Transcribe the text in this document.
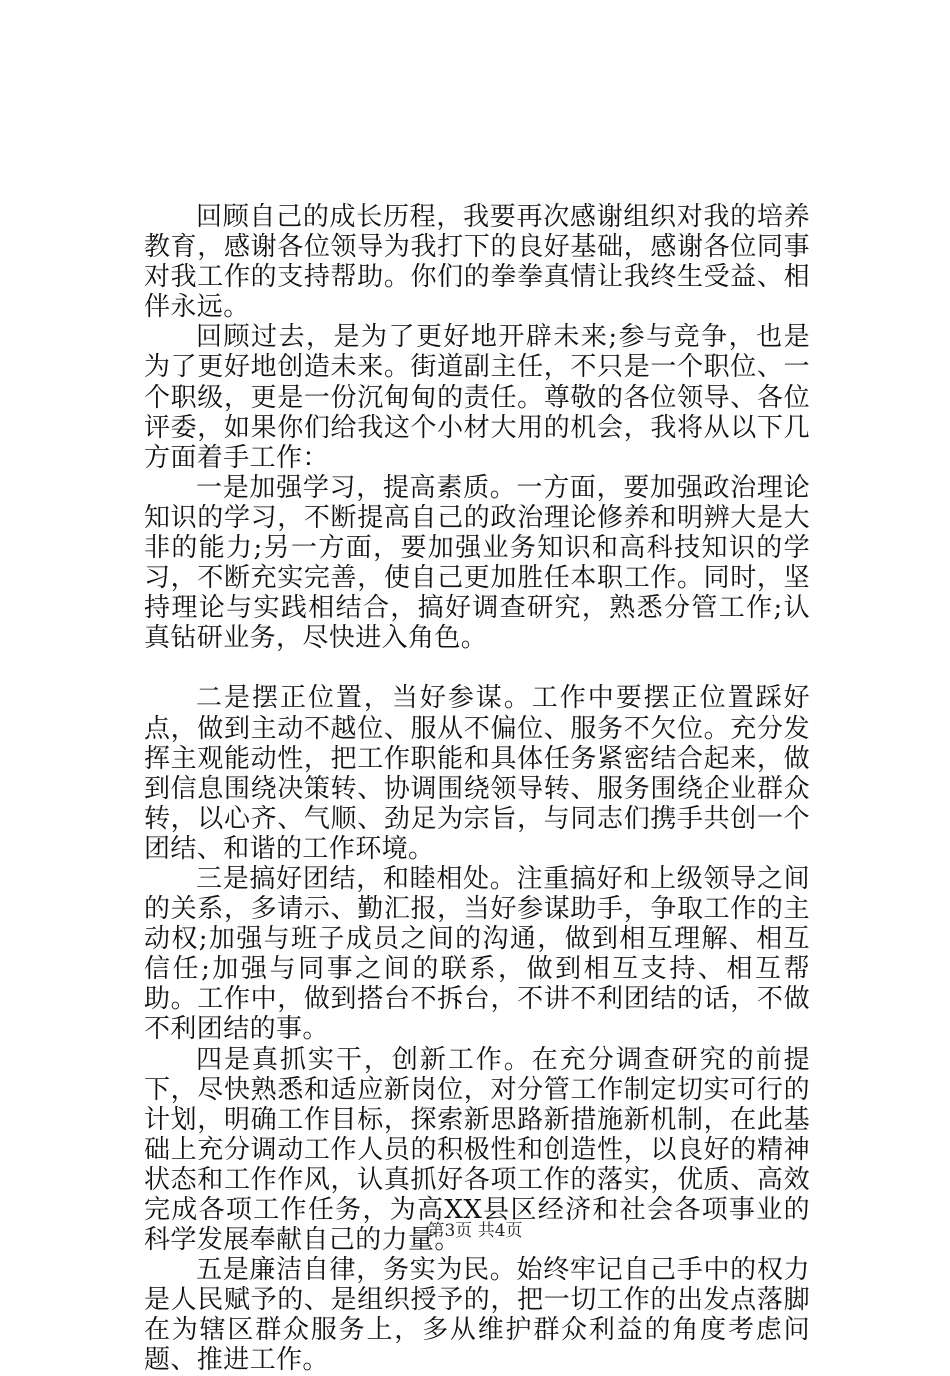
回顾自己的成长历程，我要再次感谢组织对我的培养教育，感谢各位领导为我打下的良好基础，感谢各位同事对我工作的支持帮助。你们的拳拳真情让我终生受益、相伴永远。

回顾过去，是为了更好地开辟未来;参与竞争，也是为了更好地创造未来。街道副主任，不只是一个职位、一个职级，更是一份沉甸甸的责任。尊敬的各位领导、各位评委，如果你们给我这个小材大用的机会，我将从以下几方面着手工作：

一是加强学习，提高素质。一方面，要加强政治理论知识的学习，不断提高自己的政治理论修养和明辨大是大非的能力;另一方面，要加强业务知识和高科技知识的学习，不断充实完善，使自己更加胜任本职工作。同时，坚持理论与实践相结合，搞好调查研究，熟悉分管工作;认真钻研业务，尽快进入角色。

二是摆正位置，当好参谋。工作中要摆正位置踩好点，做到主动不越位、服从不偏位、服务不欠位。充分发挥主观能动性，把工作职能和具体任务紧密结合起来，做到信息围绕决策转、协调围绕领导转、服务围绕企业群众转，以心齐、气顺、劲足为宗旨，与同志们携手共创一个团结、和谐的工作环境。

三是搞好团结，和睦相处。注重搞好和上级领导之间的关系，多请示、勤汇报，当好参谋助手，争取工作的主动权;加强与班子成员之间的沟通，做到相互理解、相互信任;加强与同事之间的联系，做到相互支持、相互帮助。工作中，做到搭台不拆台，不讲不利团结的话，不做不利团结的事。

四是真抓实干，创新工作。在充分调查研究的前提下，尽快熟悉和适应新岗位，对分管工作制定切实可行的计划，明确工作目标，探索新思路新措施新机制，在此基础上充分调动工作人员的积极性和创造性，以良好的精神状态和工作作风，认真抓好各项工作的落实，优质、高效完成各项工作任务，为高XX县区经济和社会各项事业的科学发展奉献自己的力量。

五是廉洁自律，务实为民。始终牢记自己手中的权力是人民赋予的、是组织授予的，把一切工作的出发点落脚在为辖区群众服务上，多从维护群众利益的角度考虑问题、推进工作。

第3页 共4页
